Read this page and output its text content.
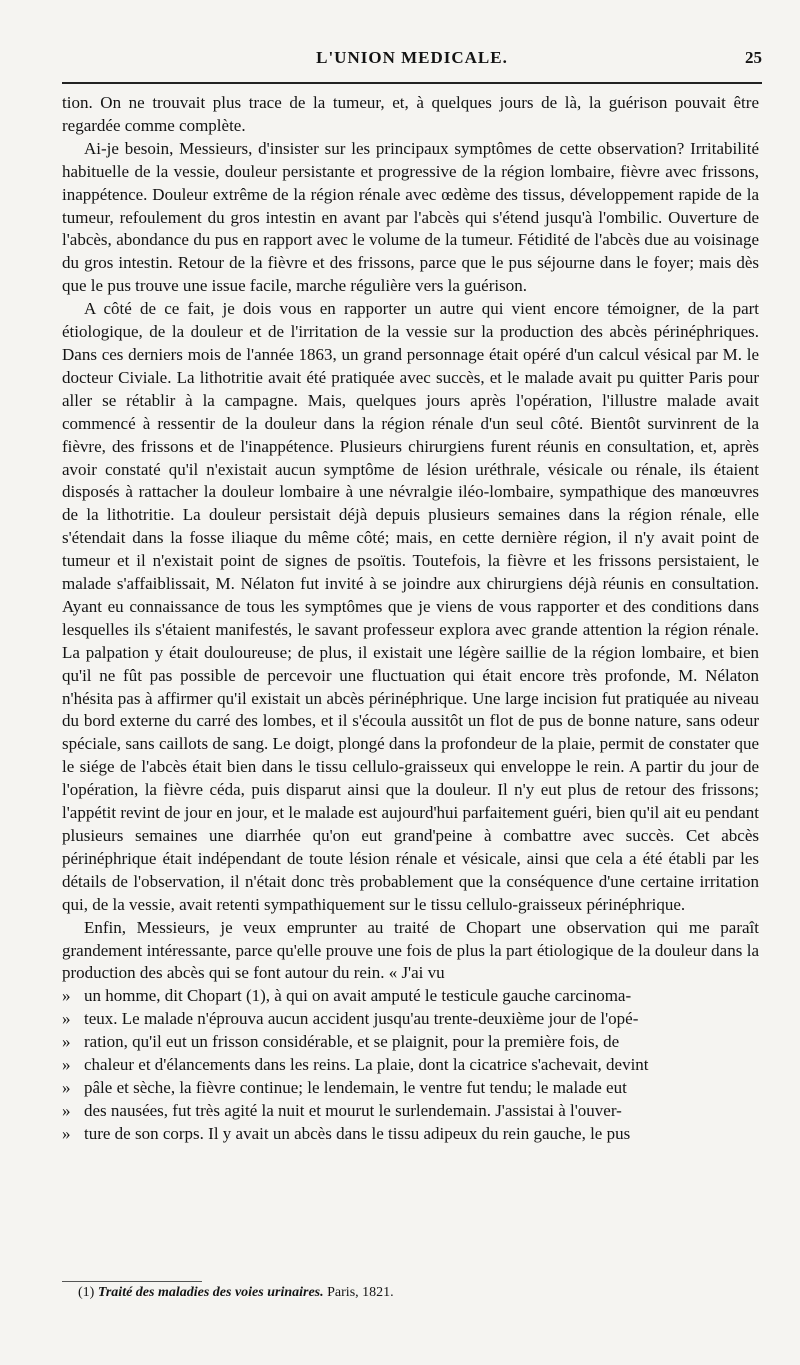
L'UNION MEDICALE.	25

tion. On ne trouvait plus trace de la tumeur, et, à quelques jours de là, la guérison pouvait être regardée comme complète.

Ai-je besoin, Messieurs, d'insister sur les principaux symptômes de cette observation? Irritabilité habituelle de la vessie, douleur persistante et progressive de la région lombaire, fièvre avec frissons, inappétence. Douleur extrême de la région rénale avec œdème des tissus, développement rapide de la tumeur, refoulement du gros intestin en avant par l'abcès qui s'étend jusqu'à l'ombilic. Ouverture de l'abcès, abondance du pus en rapport avec le volume de la tumeur. Fétidité de l'abcès due au voisinage du gros intestin. Retour de la fièvre et des frissons, parce que le pus séjourne dans le foyer; mais dès que le pus trouve une issue facile, marche régulière vers la guérison.

A côté de ce fait, je dois vous en rapporter un autre qui vient encore témoigner, de la part étiologique, de la douleur et de l'irritation de la vessie sur la production des abcès périnéphriques. Dans ces derniers mois de l'année 1863, un grand personnage était opéré d'un calcul vésical par M. le docteur Civiale. La lithotritie avait été pratiquée avec succès, et le malade avait pu quitter Paris pour aller se rétablir à la campagne. Mais, quelques jours après l'opération, l'illustre malade avait commencé à ressentir de la douleur dans la région rénale d'un seul côté. Bientôt survinrent de la fièvre, des frissons et de l'inappétence. Plusieurs chirurgiens furent réunis en consultation, et, après avoir constaté qu'il n'existait aucun symptôme de lésion uréthrale, vésicale ou rénale, ils étaient disposés à rattacher la douleur lombaire à une névralgie iléo-lombaire, sympathique des manœuvres de la lithotritie. La douleur persistait déjà depuis plusieurs semaines dans la région rénale, elle s'étendait dans la fosse iliaque du même côté; mais, en cette dernière région, il n'y avait point de tumeur et il n'existait point de signes de psoïtis. Toutefois, la fièvre et les frissons persistaient, le malade s'affaiblissait, M. Nélaton fut invité à se joindre aux chirurgiens déjà réunis en consultation. Ayant eu connaissance de tous les symptômes que je viens de vous rapporter et des conditions dans lesquelles ils s'étaient manifestés, le savant professeur explora avec grande attention la région rénale. La palpation y était douloureuse; de plus, il existait une légère saillie de la région lombaire, et bien qu'il ne fût pas possible de percevoir une fluctuation qui était encore très profonde, M. Nélaton n'hésita pas à affirmer qu'il existait un abcès périnéphrique. Une large incision fut pratiquée au niveau du bord externe du carré des lombes, et il s'écoula aussitôt un flot de pus de bonne nature, sans odeur spéciale, sans caillots de sang. Le doigt, plongé dans la profondeur de la plaie, permit de constater que le siége de l'abcès était bien dans le tissu cellulo-graisseux qui enveloppe le rein. A partir du jour de l'opération, la fièvre céda, puis disparut ainsi que la douleur. Il n'y eut plus de retour des frissons; l'appétit revint de jour en jour, et le malade est aujourd'hui parfaitement guéri, bien qu'il ait eu pendant plusieurs semaines une diarrhée qu'on eut grand'peine à combattre avec succès. Cet abcès périnéphrique était indépendant de toute lésion rénale et vésicale, ainsi que cela a été établi par les détails de l'observation, il n'était donc très probablement que la conséquence d'une certaine irritation qui, de la vessie, avait retenti sympathiquement sur le tissu cellulo-graisseux périnéphrique.

Enfin, Messieurs, je veux emprunter au traité de Chopart une observation qui me paraît grandement intéressante, parce qu'elle prouve une fois de plus la part étiologique de la douleur dans la production des abcès qui se font autour du rein. « J'ai vu

» un homme, dit Chopart (1), à qui on avait amputé le testicule gauche carcinoma-
» teux. Le malade n'éprouva aucun accident jusqu'au trente-deuxième jour de l'opé-
» ration, qu'il eut un frisson considérable, et se plaignit, pour la première fois, de
» chaleur et d'élancements dans les reins. La plaie, dont la cicatrice s'achevait, devint
» pâle et sèche, la fièvre continue; le lendemain, le ventre fut tendu; le malade eut
» des nausées, fut très agité la nuit et mourut le surlendemain. J'assistai à l'ouver-
» ture de son corps. Il y avait un abcès dans le tissu adipeux du rein gauche, le pus
(1) Traité des maladies des voies urinaires. Paris, 1821.
